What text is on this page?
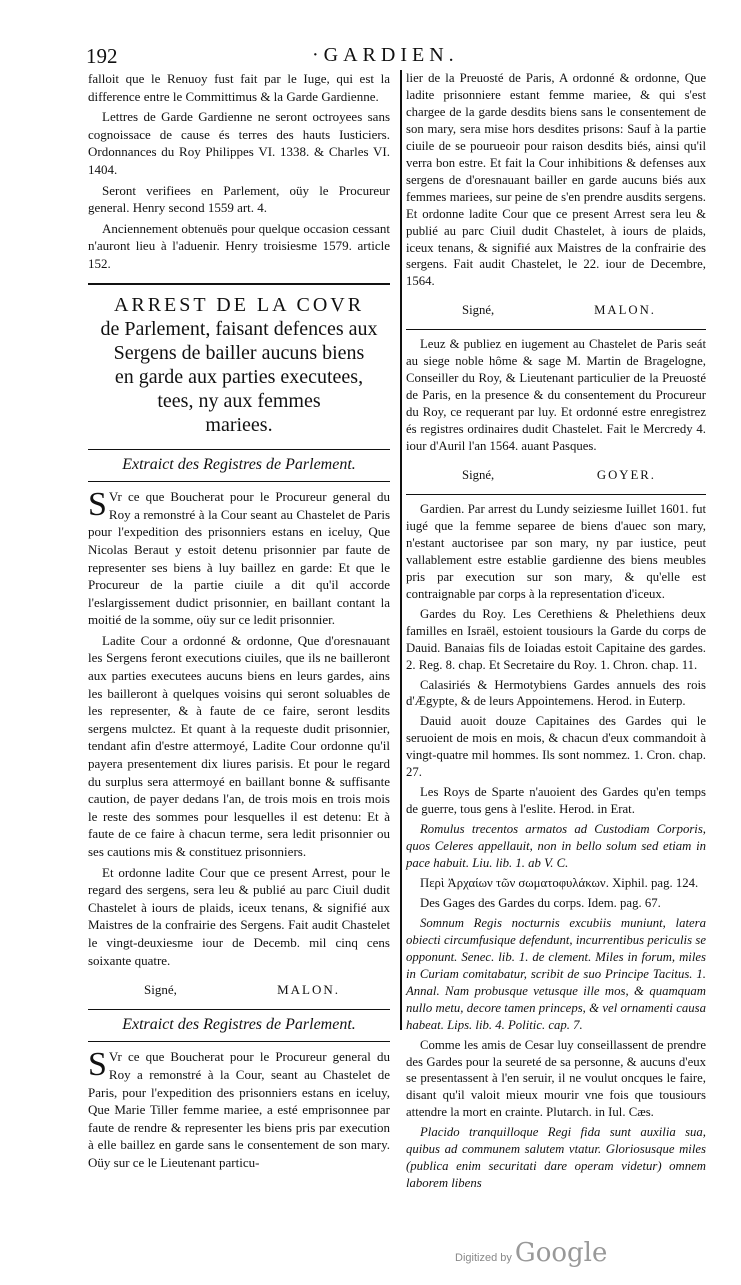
192	·GARDIEN.

falloit que le Renuoy fust fait par le Iuge, qui est la difference entre le Committimus & la Garde Gardienne.

Lettres de Garde Gardienne ne seront octroyees sans cognoissace de cause és terres des hauts Iusticiers. Ordonnances du Roy Philippes VI. 1338. & Charles VI. 1404.

Seront verifiees en Parlement, oüy le Procureur general. Henry second 1559 art. 4.

Anciennement obtenuës pour quelque occasion cessant n'auront lieu à l'aduenir. Henry troisiesme 1579. article 152.

ARREST DE LA COVR
de Parlement, faisant defences aux
Sergens de bailler aucuns biens
en garde aux parties executees,
tees, ny aux femmes
mariees.
Extraict des Registres de Parlement.

S Vr ce que Boucherat pour le Procureur general du Roy a remonstré à la Cour seant au Chastelet de Paris pour l'expedition des prisonniers estans en iceluy, Que Nicolas Beraut y estoit detenu prisonnier par faute de representer ses biens à luy baillez en garde: Et que le Procureur de la partie ciuile a dit qu'il accorde l'eslargissement dudict prisonnier, en baillant contant la moitié de la somme, oüy sur ce ledit prisonnier.

Ladite Cour a ordonné & ordonne, Que d'oresnauant les Sergens feront executions ciuiles, que ils ne bailleront aux parties executees aucuns biens en leurs gardes, ains les bailleront à quelques voisins qui seront soluables de les representer, & à faute de ce faire, seront lesdits sergens mulctez. Et quant à la requeste dudit prisonnier, tendant afin d'estre attermoyé, Ladite Cour ordonne qu'il payera presentement dix liures parisis. Et pour le regard du surplus sera attermoyé en baillant bonne & suffisante caution, de payer dedans l'an, de trois mois en trois mois le reste des sommes pour lesquelles il est detenu: Et à faute de ce faire à chacun terme, sera ledit prisonnier ou ses cautions mis & constituez prisonniers.

Et ordonne ladite Cour que ce present Arrest, pour le regard des sergens, sera leu & publié au parc Ciuil dudit Chastelet à iours de plaids, iceux tenans, & signifié aux Maistres de la confrairie des Sergens. Fait audit Chastelet le vingt-deuxiesme iour de Decemb. mil cinq cens soixante quatre.

Signé,	MALON.
Extraict des Registres de Parlement.

S Vr ce que Boucherat pour le Procureur general du Roy a remonstré à la Cour, seant au Chastelet de Paris, pour l'expedition des prisonniers estans en iceluy, Que Marie Tiller femme mariee, a esté emprisonnee par faute de rendre & representer les biens pris par execution à elle baillez en garde sans le consentement de son mary. Oüy sur ce le Lieutenant particu-

lier de la Preuosté de Paris, A ordonné & ordonne, Que ladite prisonniere estant femme mariee, & qui s'est chargee de la garde desdits biens sans le consentement de son mary, sera mise hors desdites prisons: Sauf à la partie ciuile de se pourueoir pour raison desdits biés, ainsi qu'il verra bon estre. Et fait la Cour inhibitions & defenses aux sergens de d'oresnauant bailler en garde aucuns biés aux femmes mariees, sur peine de s'en prendre ausdits sergens. Et ordonne ladite Cour que ce present Arrest sera leu & publié au parc Ciuil dudit Chastelet, à iours de plaids, iceux tenans, & signifié aux Maistres de la confrairie des sergens. Fait audit Chastelet, le 22. iour de Decembre, 1564.

Signé,	MALON.

Leuz & publiez en iugement au Chastelet de Paris seát au siege noble hôme & sage M. Martin de Bragelogne, Conseiller du Roy, & Lieutenant particulier de la Preuosté de Paris, en la presence & du consentement du Procureur du Roy, ce requerant par luy. Et ordonné estre enregistrez és registres ordinaires dudit Chastelet. Fait le Mercredy 4. iour d'Auril l'an 1564. auant Pasques.

Signé,	GOYER.

Gardien. Par arrest du Lundy seiziesme Iuillet 1601. fut iugé que la femme separee de biens d'auec son mary, n'estant auctorisee par son mary, ny par iustice, peut vallablement estre establie gardienne des biens meubles pris par execution sur son mary, & qu'elle est contraignable par corps à la representation d'iceux.

Gardes du Roy. Les Cerethiens & Phelethiens deux familles en Israël, estoient tousiours la Garde du corps de Dauid. Banaias fils de Ioiadas estoit Capitaine des gardes. 2. Reg. 8. chap. Et Secretaire du Roy. 1. Chron. chap. 11.

Calasiriés & Hermotybiens Gardes annuels des rois d'Ægypte, & de leurs Appointemens. Herod. in Euterp.

Dauid auoit douze Capitaines des Gardes qui le seruoient de mois en mois, & chacun d'eux commandoit à vingt-quatre mil hommes. Ils sont nommez. 1. Cron. chap. 27.

Les Roys de Sparte n'auoient des Gardes qu'en temps de guerre, tous gens à l'eslite. Herod. in Erat.

Romulus trecentos armatos ad Custodiam Corporis, quos Celeres appellauit, non in bello solum sed etiam in pace habuit. Liu. lib. 1. ab V. C.

Περὶ Ἀρχαίων τῶν σωματοφυλάκων. Xiphil. pag. 124.

Des Gages des Gardes du corps. Idem. pag. 67.

Somnum Regis nocturnis excubiis muniunt, latera obiecti circumfusique defendunt, incurrentibus periculis se opponunt. Senec. lib. 1. de clement. Miles in forum, miles in Curiam comitabatur, scribit de suo Principe Tacitus. 1. Annal. Nam probusque vetusque ille mos, & quamquam nullo metu, decore tamen princeps, & vel ornamenti causa habeat. Lips. lib. 4. Politic. cap. 7.

Comme les amis de Cesar luy conseillassent de prendre des Gardes pour la seureté de sa personne, & aucuns d'eux se presentassent à l'en seruir, il ne voulut oncques le faire, disant qu'il valoit mieux mourir vne fois que tousiours attendre la mort en crainte. Plutarch. in Iul. Cæs.

Placido tranquilloque Regi fida sunt auxilia sua, quibus ad communem salutem vtatur. Gloriosusque miles (publica enim securitati dare operam videtur) omnem laborem libens

Digitized by Google
